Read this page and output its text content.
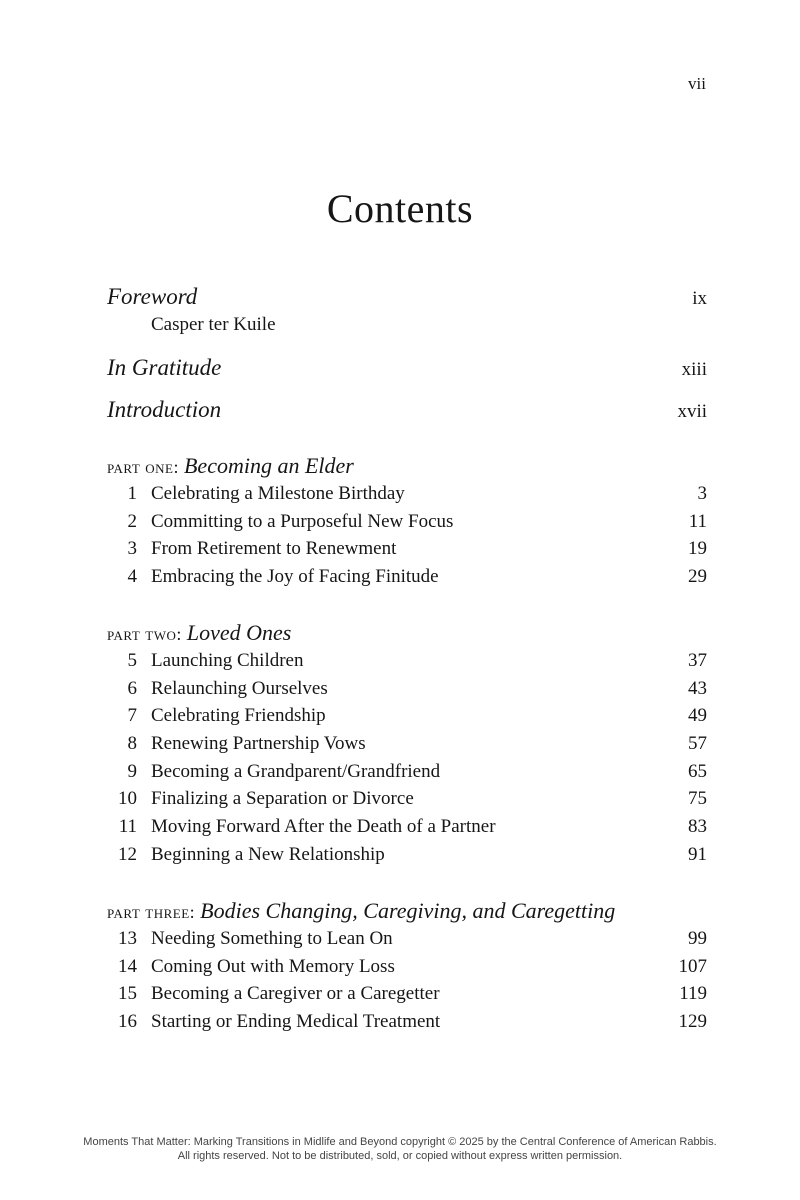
vii
Contents
Foreword	ix
Casper ter Kuile
In Gratitude	xiii
Introduction	xvii
part one: Becoming an Elder
1 Celebrating a Milestone Birthday	3
2 Committing to a Purposeful New Focus	11
3 From Retirement to Renewment	19
4 Embracing the Joy of Facing Finitude	29
part two: Loved Ones
5 Launching Children	37
6 Relaunching Ourselves	43
7 Celebrating Friendship	49
8 Renewing Partnership Vows	57
9 Becoming a Grandparent/Grandfriend	65
10 Finalizing a Separation or Divorce	75
11 Moving Forward After the Death of a Partner	83
12 Beginning a New Relationship	91
part three: Bodies Changing, Caregiving, and Caregetting
13 Needing Something to Lean On	99
14 Coming Out with Memory Loss	107
15 Becoming a Caregiver or a Caregetter	119
16 Starting or Ending Medical Treatment	129
Moments That Matter: Marking Transitions in Midlife and Beyond copyright © 2025 by the Central Conference of American Rabbis.
All rights reserved. Not to be distributed, sold, or copied without express written permission.
